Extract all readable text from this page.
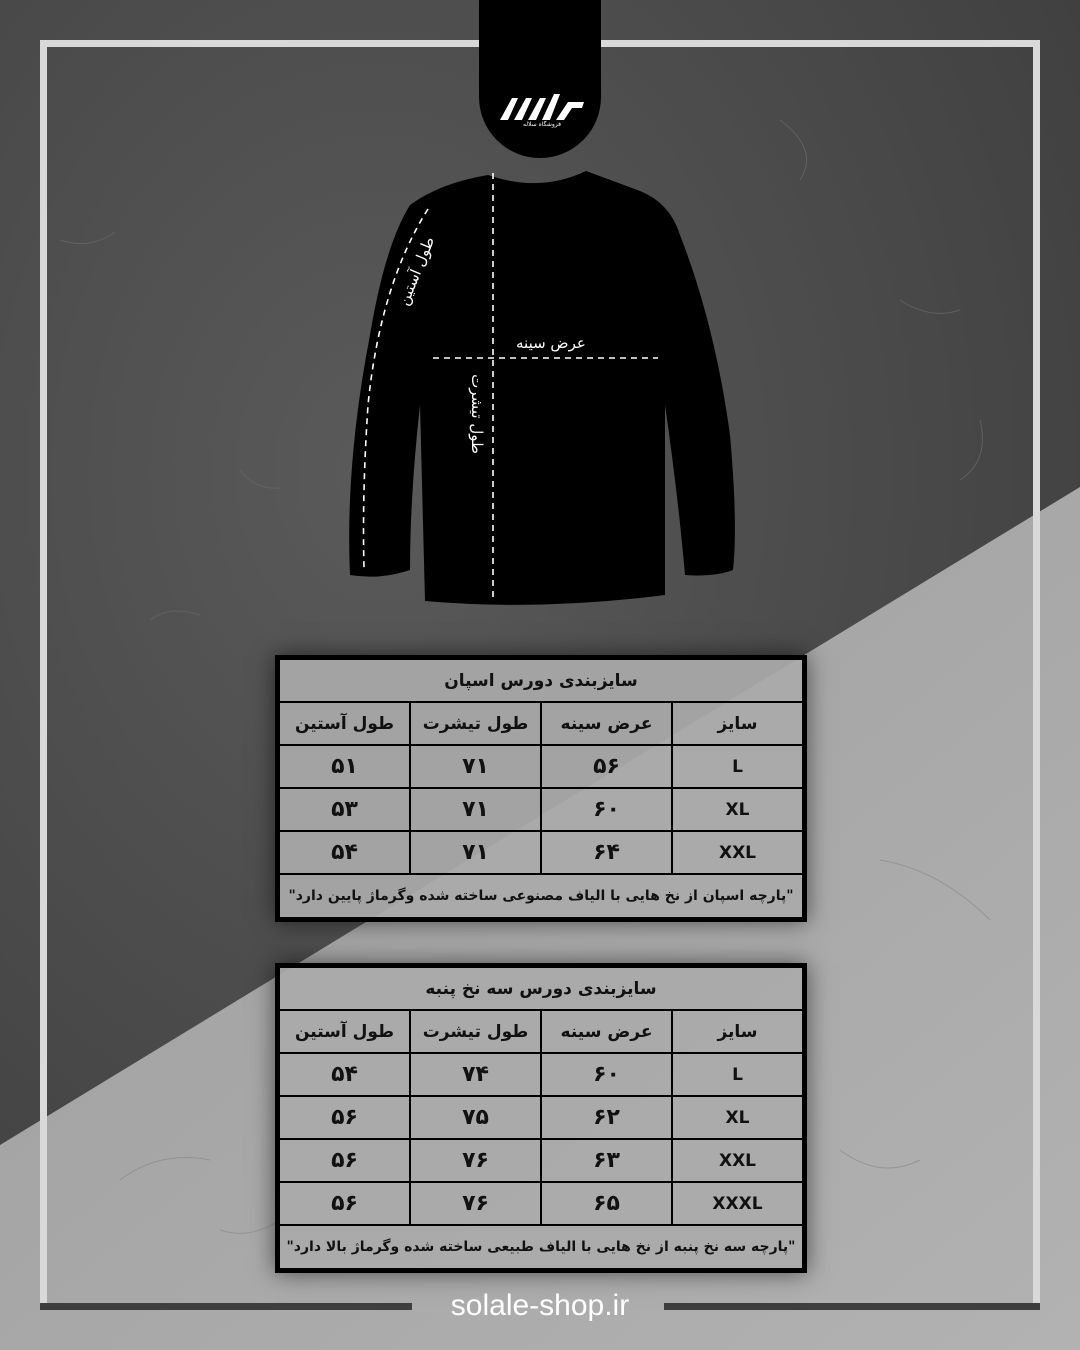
فروشگاه سلاله
طول آستین
عرض سینه
طول تیشرت
سایزبندی دورس اسپان			
سایز	عرض سینه	طول تیشرت	طول آستین
L	۵۶	۷۱	۵۱
XL	۶۰	۷۱	۵۳
XXL	۶۴	۷۱	۵۴
"پارچه اسپان از نخ هایی با الیاف مصنوعی ساخته شده وگرماژ پایین دارد"			
سایزبندی دورس سه نخ پنبه			
سایز	عرض سینه	طول تیشرت	طول آستین
L	۶۰	۷۴	۵۴
XL	۶۲	۷۵	۵۶
XXL	۶۳	۷۶	۵۶
XXXL	۶۵	۷۶	۵۶
"پارچه سه نخ پنبه از نخ هایی با الیاف طبیعی ساخته شده وگرماژ بالا دارد"			
solale-shop.ir
